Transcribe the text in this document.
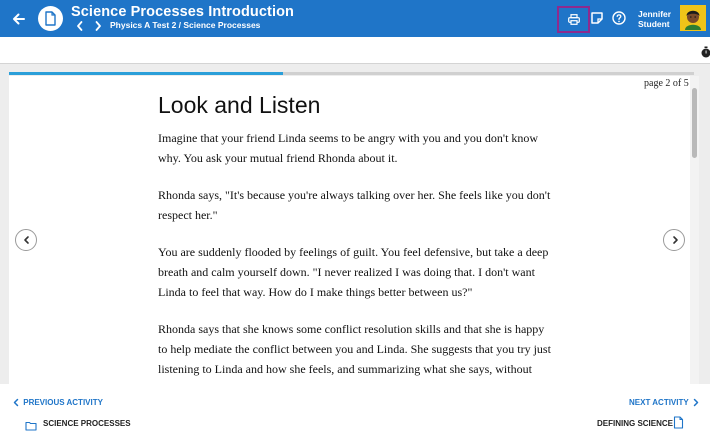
Science Processes Introduction
Physics A Test 2 / Science Processes
Jennifer
Student
page 2 of 5
Look and Listen

Imagine that your friend Linda seems to be angry with you and you don't know why. You ask your mutual friend Rhonda about it.

Rhonda says, "It's because you're always talking over her. She feels like you don't respect her."

You are suddenly flooded by feelings of guilt. You feel defensive, but take a deep breath and calm yourself down. "I never realized I was doing that. I don't want Linda to feel that way. How do I make things better between us?"

Rhonda says that she knows some conflict resolution skills and that she is happy to help mediate the conflict between you and Linda. She suggests that you try just listening to Linda and how she feels, and summarizing what she says, without

PREVIOUS ACTIVITY	NEXT ACTIVITY
SCIENCE PROCESSES	DEFINING SCIENCE
